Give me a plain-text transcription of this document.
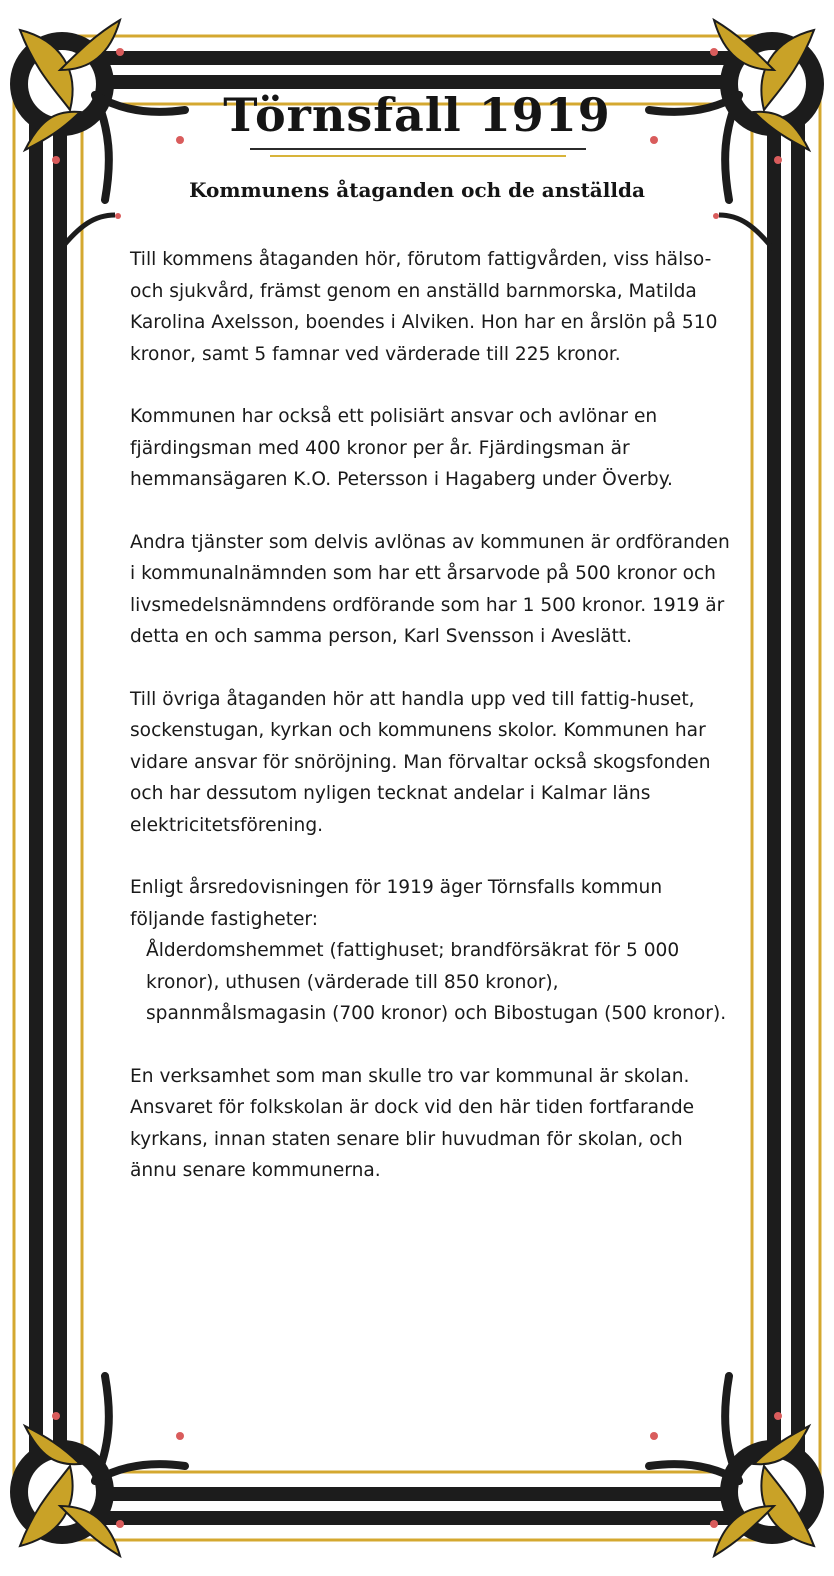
Törnsfall 1919
Kommunens åtaganden och de anställda

Till kommens åtaganden hör, förutom fattigvården, viss hälso- och sjukvård, främst genom en anställd barnmorska, Matilda Karolina Axelsson, boendes i Alviken. Hon har en årslön på 510 kronor, samt 5 famnar ved värderade till 225 kronor.

Kommunen har också ett polisiärt ansvar och avlönar en fjärdingsman med 400 kronor per år. Fjärdingsman är hemmansägaren K.O. Petersson i Hagaberg under Överby.

Andra tjänster som delvis avlönas av kommunen är ordföranden i kommunalnämnden som har ett årsarvode på 500 kronor och livsmedelsnämndens ordförande som har 1 500 kronor. 1919 är detta en och samma person, Karl Svensson i Aveslätt.

Till övriga åtaganden hör att handla upp ved till fattig-huset, sockenstugan, kyrkan och kommunens skolor. Kommunen har vidare ansvar för snöröjning. Man förvaltar också skogsfonden och har dessutom nyligen tecknat andelar i Kalmar läns elektricitetsförening.

Enligt årsredovisningen för 1919 äger Törnsfalls kommun följande fastigheter:

Ålderdomshemmet (fattighuset; brandförsäkrat för 5 000 kronor), uthusen (värderade till 850 kronor), spannmålsmagasin (700 kronor) och Bibostugan (500 kronor).

En verksamhet som man skulle tro var kommunal är skolan. Ansvaret för folkskolan är dock vid den här tiden fortfarande kyrkans, innan staten senare blir huvudman för skolan, och ännu senare kommunerna.
